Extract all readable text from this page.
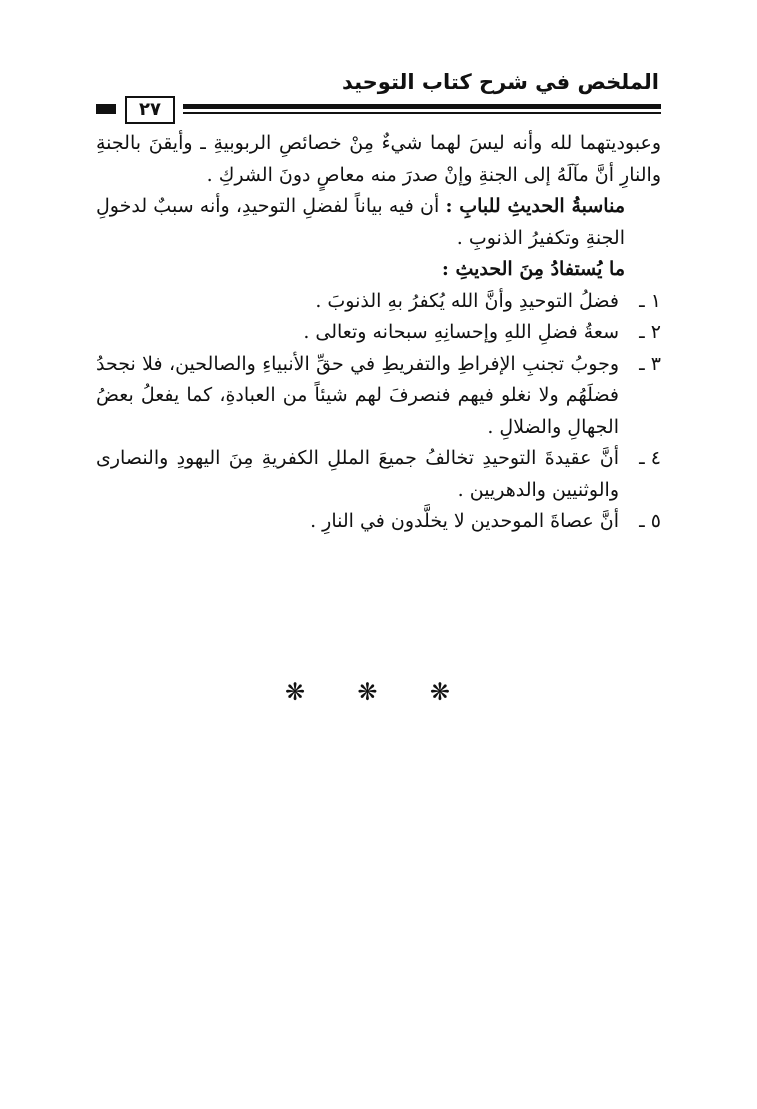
الملخص في شرح كتاب التوحيد
٢٧

وعبوديتهما لله وأنه ليسَ لهما شيءٌ مِنْ خصائصِ الربوبيةِ ـ وأيقنَ بالجنةِ والنارِ أنَّ مآلَهُ إلى الجنةِ وإنْ صدرَ منه معاصٍ دونَ الشركِ .

مناسبةُ الحديثِ للبابِ : أن فيه بياناً لفضلِ التوحيدِ، وأنه سببٌ لدخولِ الجنةِ وتكفيرُ الذنوبِ .

ما يُستفادُ مِنَ الحديثِ :

١ ـ
فضلُ التوحيدِ وأنَّ الله يُكفرُ بهِ الذنوبَ .
٢ ـ
سعةُ فضلِ اللهِ وإحسانِهِ سبحانه وتعالى .
٣ ـ
وجوبُ تجنبِ الإفراطِ والتفريطِ في حقِّ الأنبياءِ والصالحين، فلا نجحدُ فضلَهُم ولا نغلو فيهم فنصرفَ لهم شيئاً من العبادةِ، كما يفعلُ بعضُ الجهالِ والضلالِ .
٤ ـ
أنَّ عقيدةَ التوحيدِ تخالفُ جميعَ المللِ الكفريةِ مِنَ اليهودِ والنصارى والوثنيين والدهريين .
٥ ـ
أنَّ عصاةَ الموحدين لا يخلَّدون في النارِ .
❋ ❋ ❋
